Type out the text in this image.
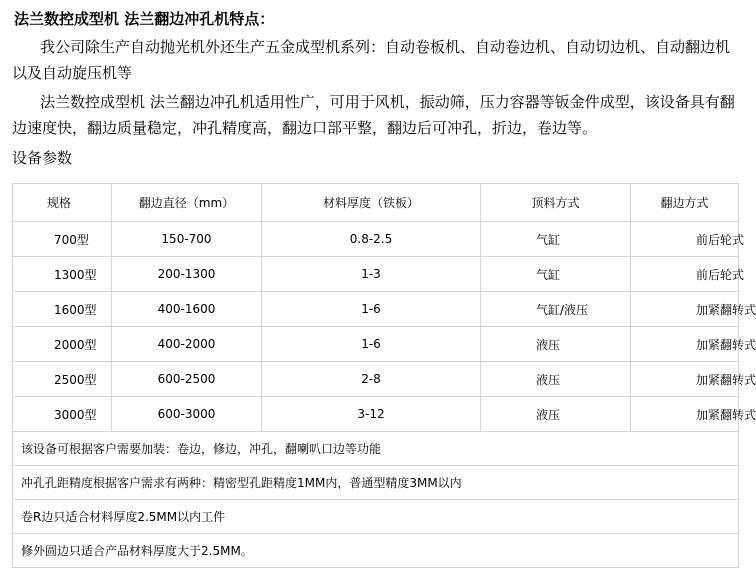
法兰数控成型机 法兰翻边冲孔机特点：

我公司除生产自动抛光机外还生产五金成型机系列：自动卷板机、自动卷边机、自动切边机、自动翻边机以及自动旋压机等

法兰数控成型机 法兰翻边冲孔机适用性广，可用于风机，振动筛，压力容器等钣金件成型，该设备具有翻边速度快，翻边质量稳定，冲孔精度高，翻边口部平整，翻边后可冲孔，折边，卷边等。

设备参数
规格	翻边直径（mm）	材料厚度（铁板）	顶料方式	翻边方式
700型	150-700	0.8-2.5	气缸	前后轮式
1300型	200-1300	1-3	气缸	前后轮式
1600型	400-1600	1-6	气缸/液压	加紧翻转式
2000型	400-2000	1-6	液压	加紧翻转式
2500型	600-2500	2-8	液压	加紧翻转式
3000型	600-3000	3-12	液压	加紧翻转式
该设备可根据客户需要加装：卷边，修边，冲孔，翻喇叭口边等功能				
冲孔孔距精度根据客户需求有两种：精密型孔距精度1MM内，普通型精度3MM以内				
卷R边只适合材料厚度2.5MM以内工件				
修外圆边只适合产品材料厚度大于2.5MM。				
